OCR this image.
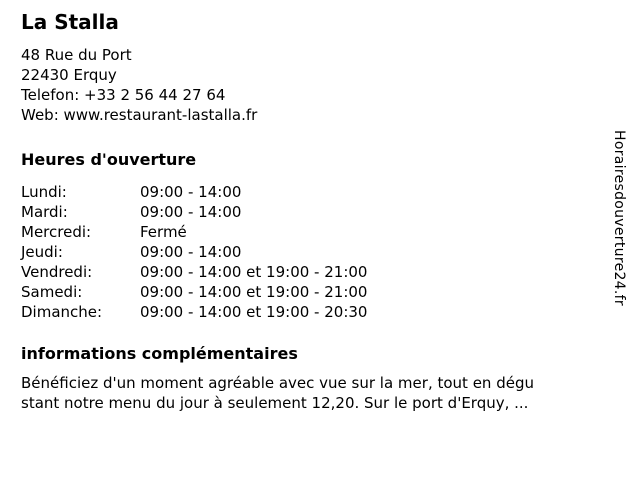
La Stalla
48 Rue du Port
22430 Erquy
Telefon: +33 2 56 44 27 64
Web: www.restaurant-lastalla.fr
Heures d'ouverture
Lundi:	09:00 - 14:00
Mardi:	09:00 - 14:00
Mercredi:	Fermé
Jeudi:	09:00 - 14:00
Vendredi:	09:00 - 14:00 et 19:00 - 21:00
Samedi:	09:00 - 14:00 et 19:00 - 21:00
Dimanche:	09:00 - 14:00 et 19:00 - 20:30
informations complémentaires
Bénéficiez d'un moment agréable avec vue sur la mer, tout en dégu
stant notre menu du jour à seulement 12,20. Sur le port d'Erquy, ...
Horairesdouverture24.fr
